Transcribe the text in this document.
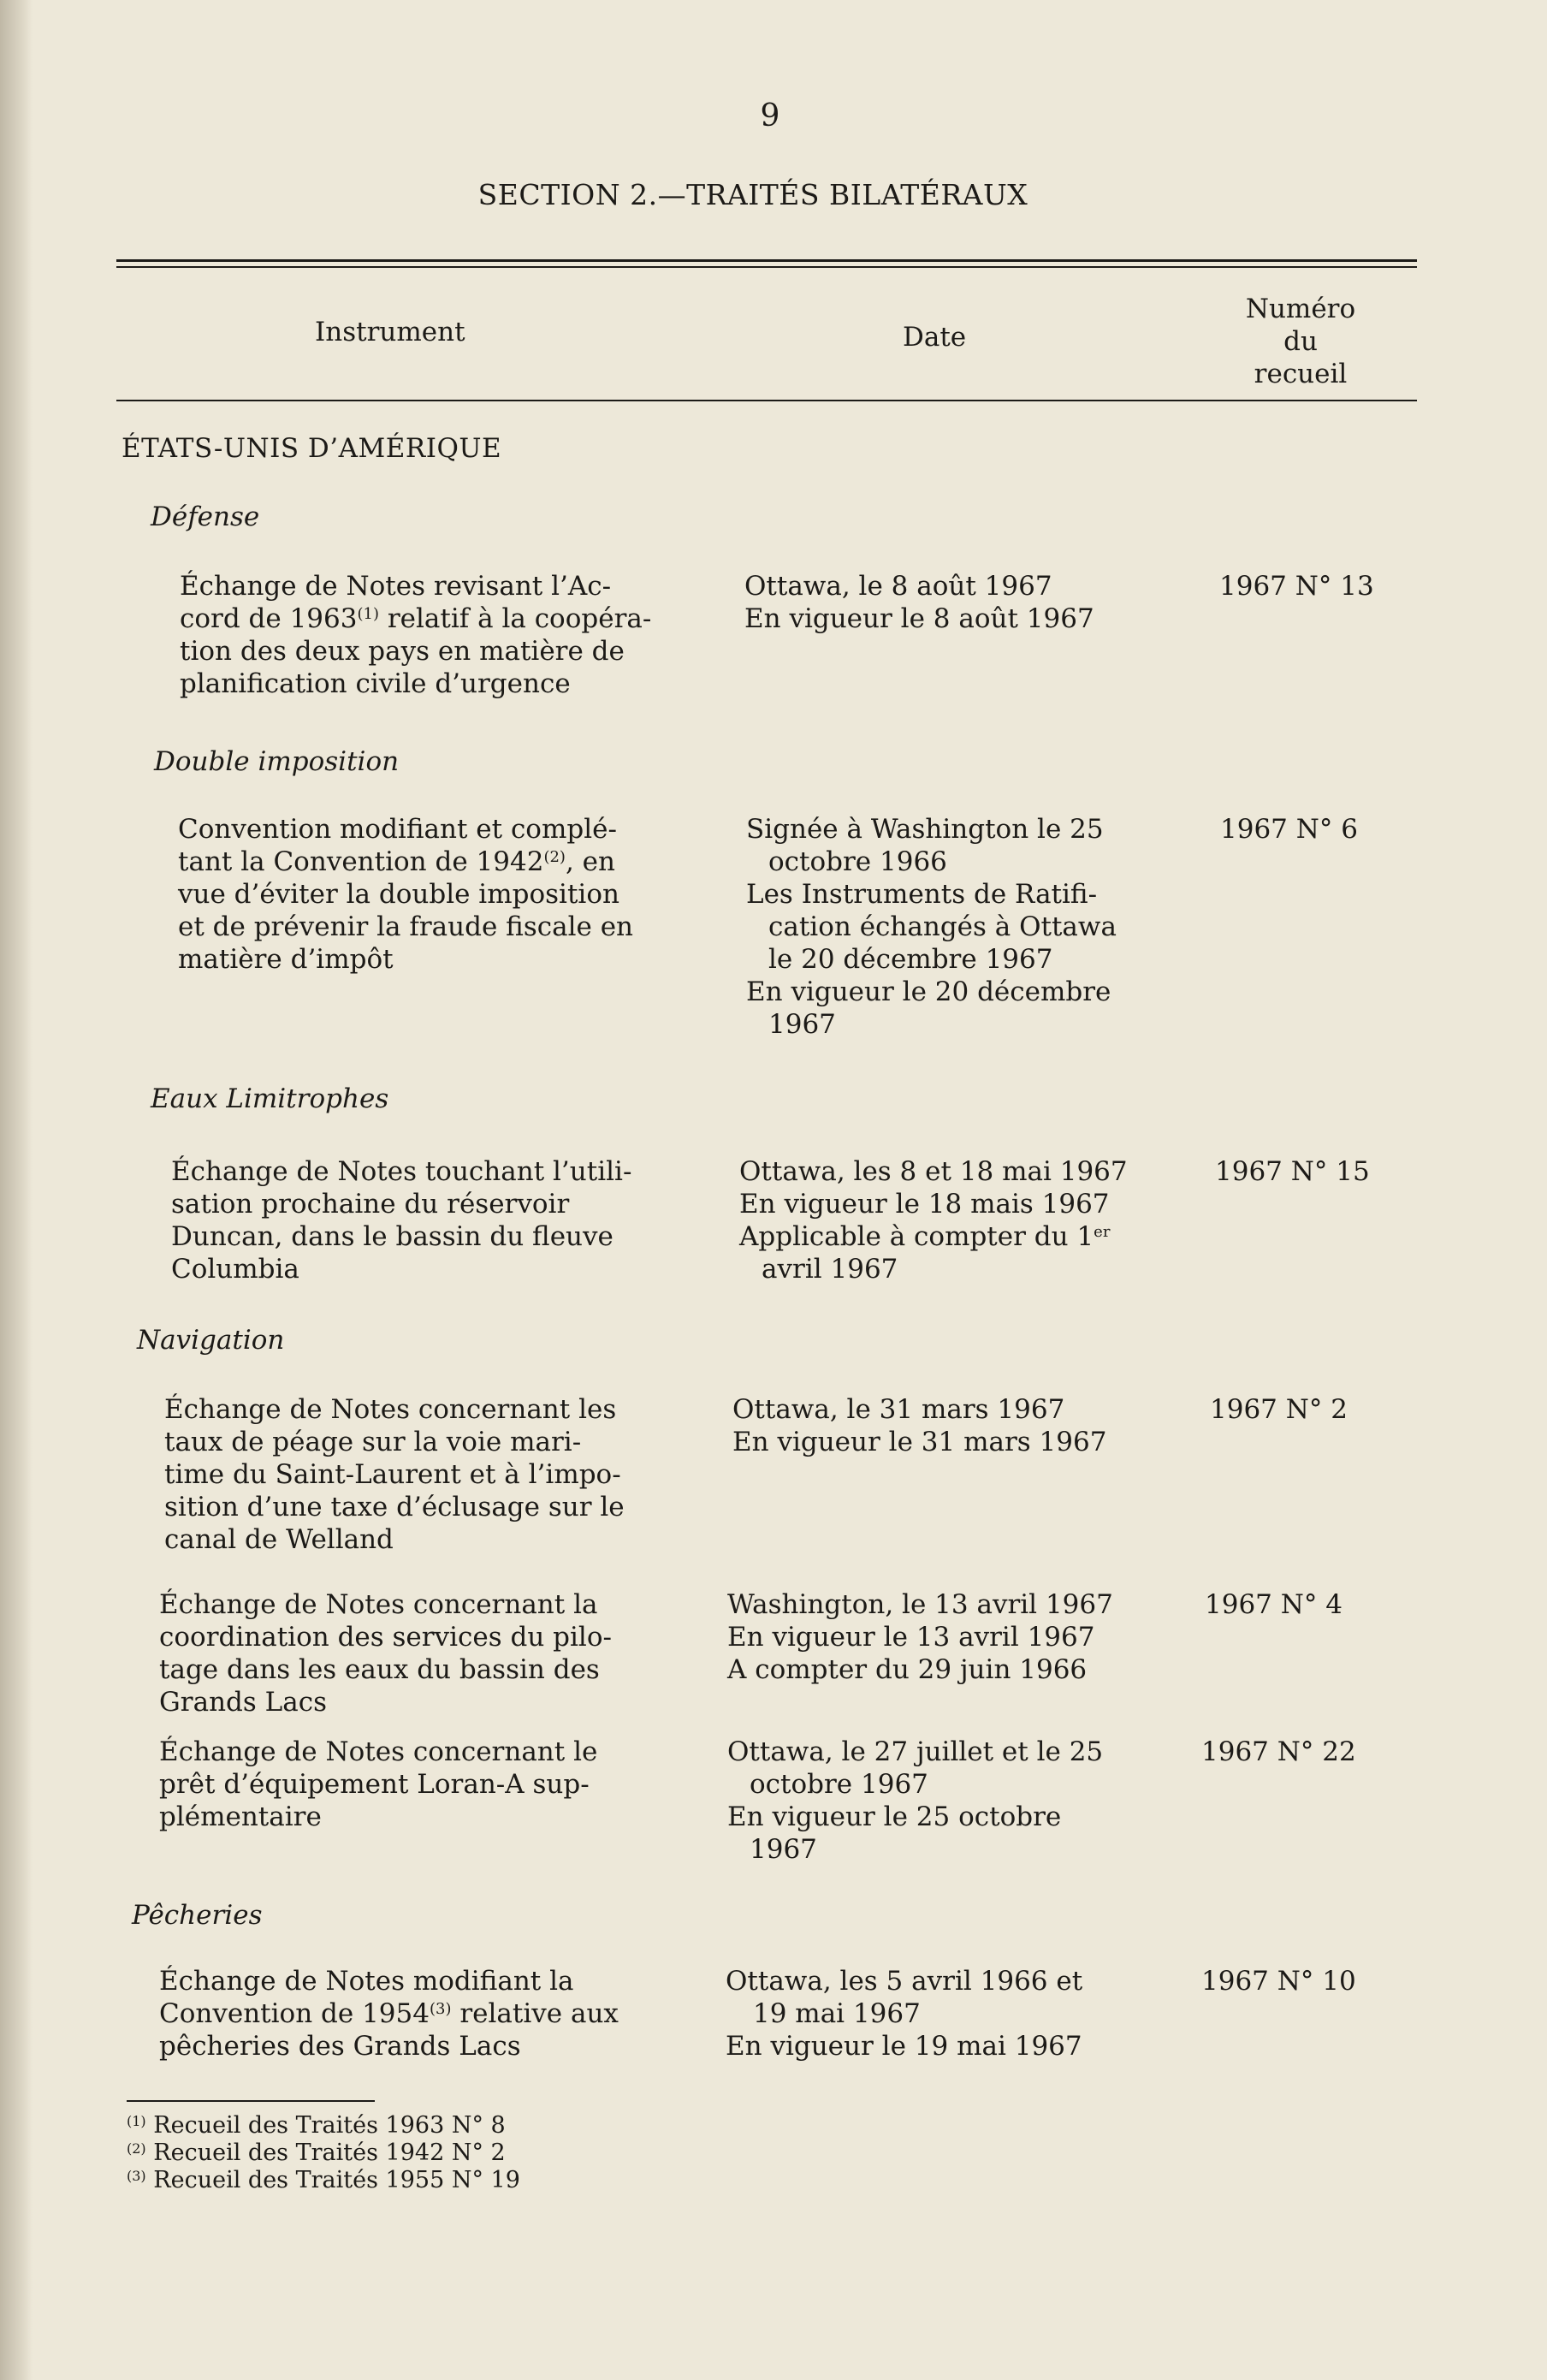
9
SECTION 2.—TRAITÉS BILATÉRAUX
Instrument	Date
Numéro
du
recueil
ÉTATS-UNIS D’AMÉRIQUE
Défense
Échange de Notes revisant l’Ac-
cord de 1963$^{(1)}$ relatif à la coopéra-
tion des deux pays en matière de
planification civile d’urgence
Ottawa, le 8 août 1967
En vigueur le 8 août 1967
1967 N° 13
Double imposition
Convention modifiant et complé-
tant la Convention de 1942$^{(2)}$, en
vue d’éviter la double imposition
et de prévenir la fraude fiscale en
matière d’impôt
Signée à Washington le 25
octobre 1966
Les Instruments de Ratifi-
cation échangés à Ottawa
le 20 décembre 1967
En vigueur le 20 décembre
1967
1967 N° 6
Eaux Limitrophes
Échange de Notes touchant l’utili-
sation prochaine du réservoir
Duncan, dans le bassin du fleuve
Columbia
Ottawa, les 8 et 18 mai 1967
En vigueur le 18 mais 1967
Applicable à compter du 1er
avril 1967
1967 N° 15
Navigation
Échange de Notes concernant les
taux de péage sur la voie mari-
time du Saint-Laurent et à l’impo-
sition d’une taxe d’éclusage sur le
canal de Welland
Ottawa, le 31 mars 1967
En vigueur le 31 mars 1967
1967 N° 2
Échange de Notes concernant la
coordination des services du pilo-
tage dans les eaux du bassin des
Grands Lacs
Washington, le 13 avril 1967
En vigueur le 13 avril 1967
A compter du 29 juin 1966
1967 N° 4
Échange de Notes concernant le
prêt d’équipement Loran-A sup-
plémentaire
Ottawa, le 27 juillet et le 25
octobre 1967
En vigueur le 25 octobre
1967
1967 N° 22
Pêcheries
Échange de Notes modifiant la
Convention de 1954$^{(3)}$ relative aux
pêcheries des Grands Lacs
Ottawa, les 5 avril 1966 et
19 mai 1967
En vigueur le 19 mai 1967
1967 N° 10
$^{(1)}$ Recueil des Traités 1963 N° 8
$^{(2)}$ Recueil des Traités 1942 N° 2
$^{(3)}$ Recueil des Traités 1955 N° 19
